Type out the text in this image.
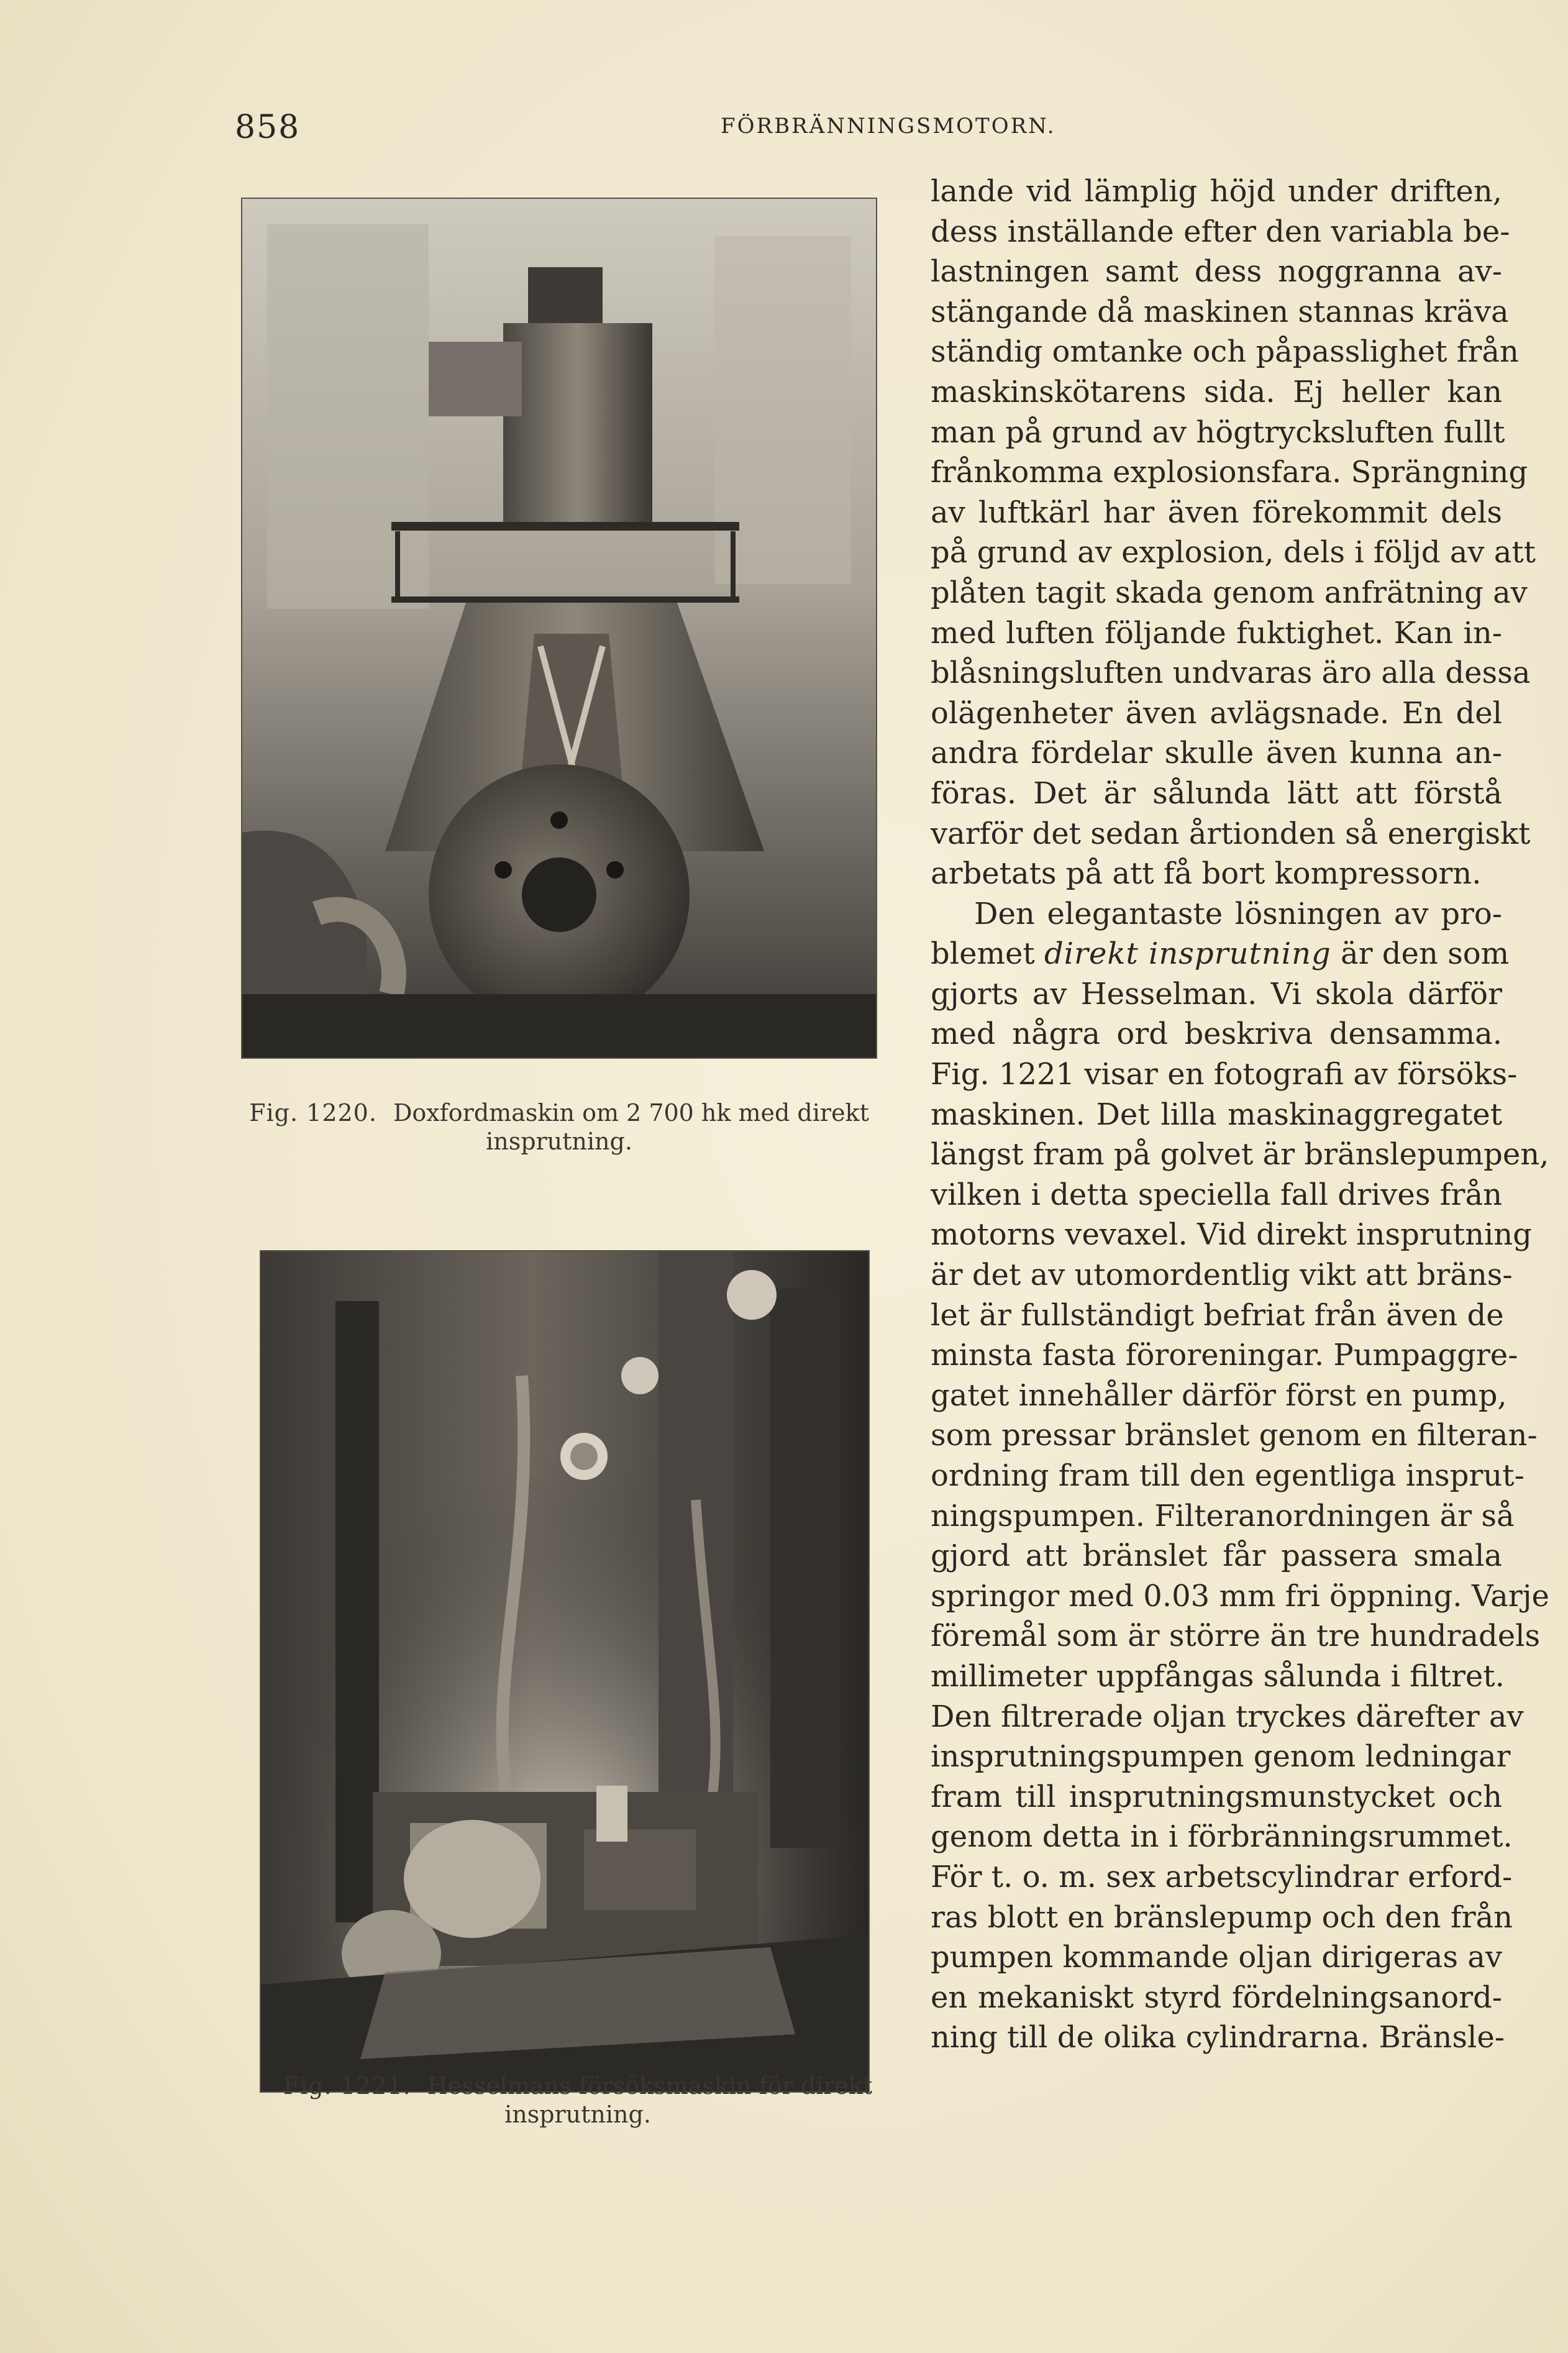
858	FÖRBRÄNNINGSMOTORN.
Fig. 1220. Doxfordmaskin om 2 700 hk med direkt
insprutning.
Fig. 1221. Hesselmans försöksmaskin för direkt
insprutning.
lande vid lämplig höjd under driften,
dess inställande efter den variabla be-
lastningen samt dess noggranna av-
stängande då maskinen stannas kräva
ständig omtanke och påpasslighet från
maskinskötarens sida. Ej heller kan
man på grund av högtrycksluften fullt
frånkomma explosionsfara. Sprängning
av luftkärl har även förekommit dels
på grund av explosion, dels i följd av att
plåten tagit skada genom anfrätning av
med luften följande fuktighet. Kan in-
blåsningsluften undvaras äro alla dessa
olägenheter även avlägsnade. En del
andra fördelar skulle även kunna an-
föras. Det är sålunda lätt att förstå
varför det sedan årtionden så energiskt
arbetats på att få bort kompressorn.
Den elegantaste lösningen av pro-
blemet direkt insprutning är den som
gjorts av Hesselman. Vi skola därför
med några ord beskriva densamma.
Fig. 1221 visar en fotografi av försöks-
maskinen. Det lilla maskinaggregatet
längst fram på golvet är bränslepumpen,
vilken i detta speciella fall drives från
motorns vevaxel. Vid direkt insprutning
är det av utomordentlig vikt att bräns-
let är fullständigt befriat från även de
minsta fasta föroreningar. Pumpaggre-
gatet innehåller därför först en pump,
som pressar bränslet genom en filteran-
ordning fram till den egentliga insprut-
ningspumpen. Filteranordningen är så
gjord att bränslet får passera smala
springor med 0.03 mm fri öppning. Varje
föremål som är större än tre hundradels
millimeter uppfångas sålunda i filtret.
Den filtrerade oljan tryckes därefter av
insprutningspumpen genom ledningar
fram till insprutningsmunstycket och
genom detta in i förbränningsrummet.
För t. o. m. sex arbetscylindrar erford-
ras blott en bränslepump och den från
pumpen kommande oljan dirigeras av
en mekaniskt styrd fördelningsanord-
ning till de olika cylindrarna. Bränsle-
